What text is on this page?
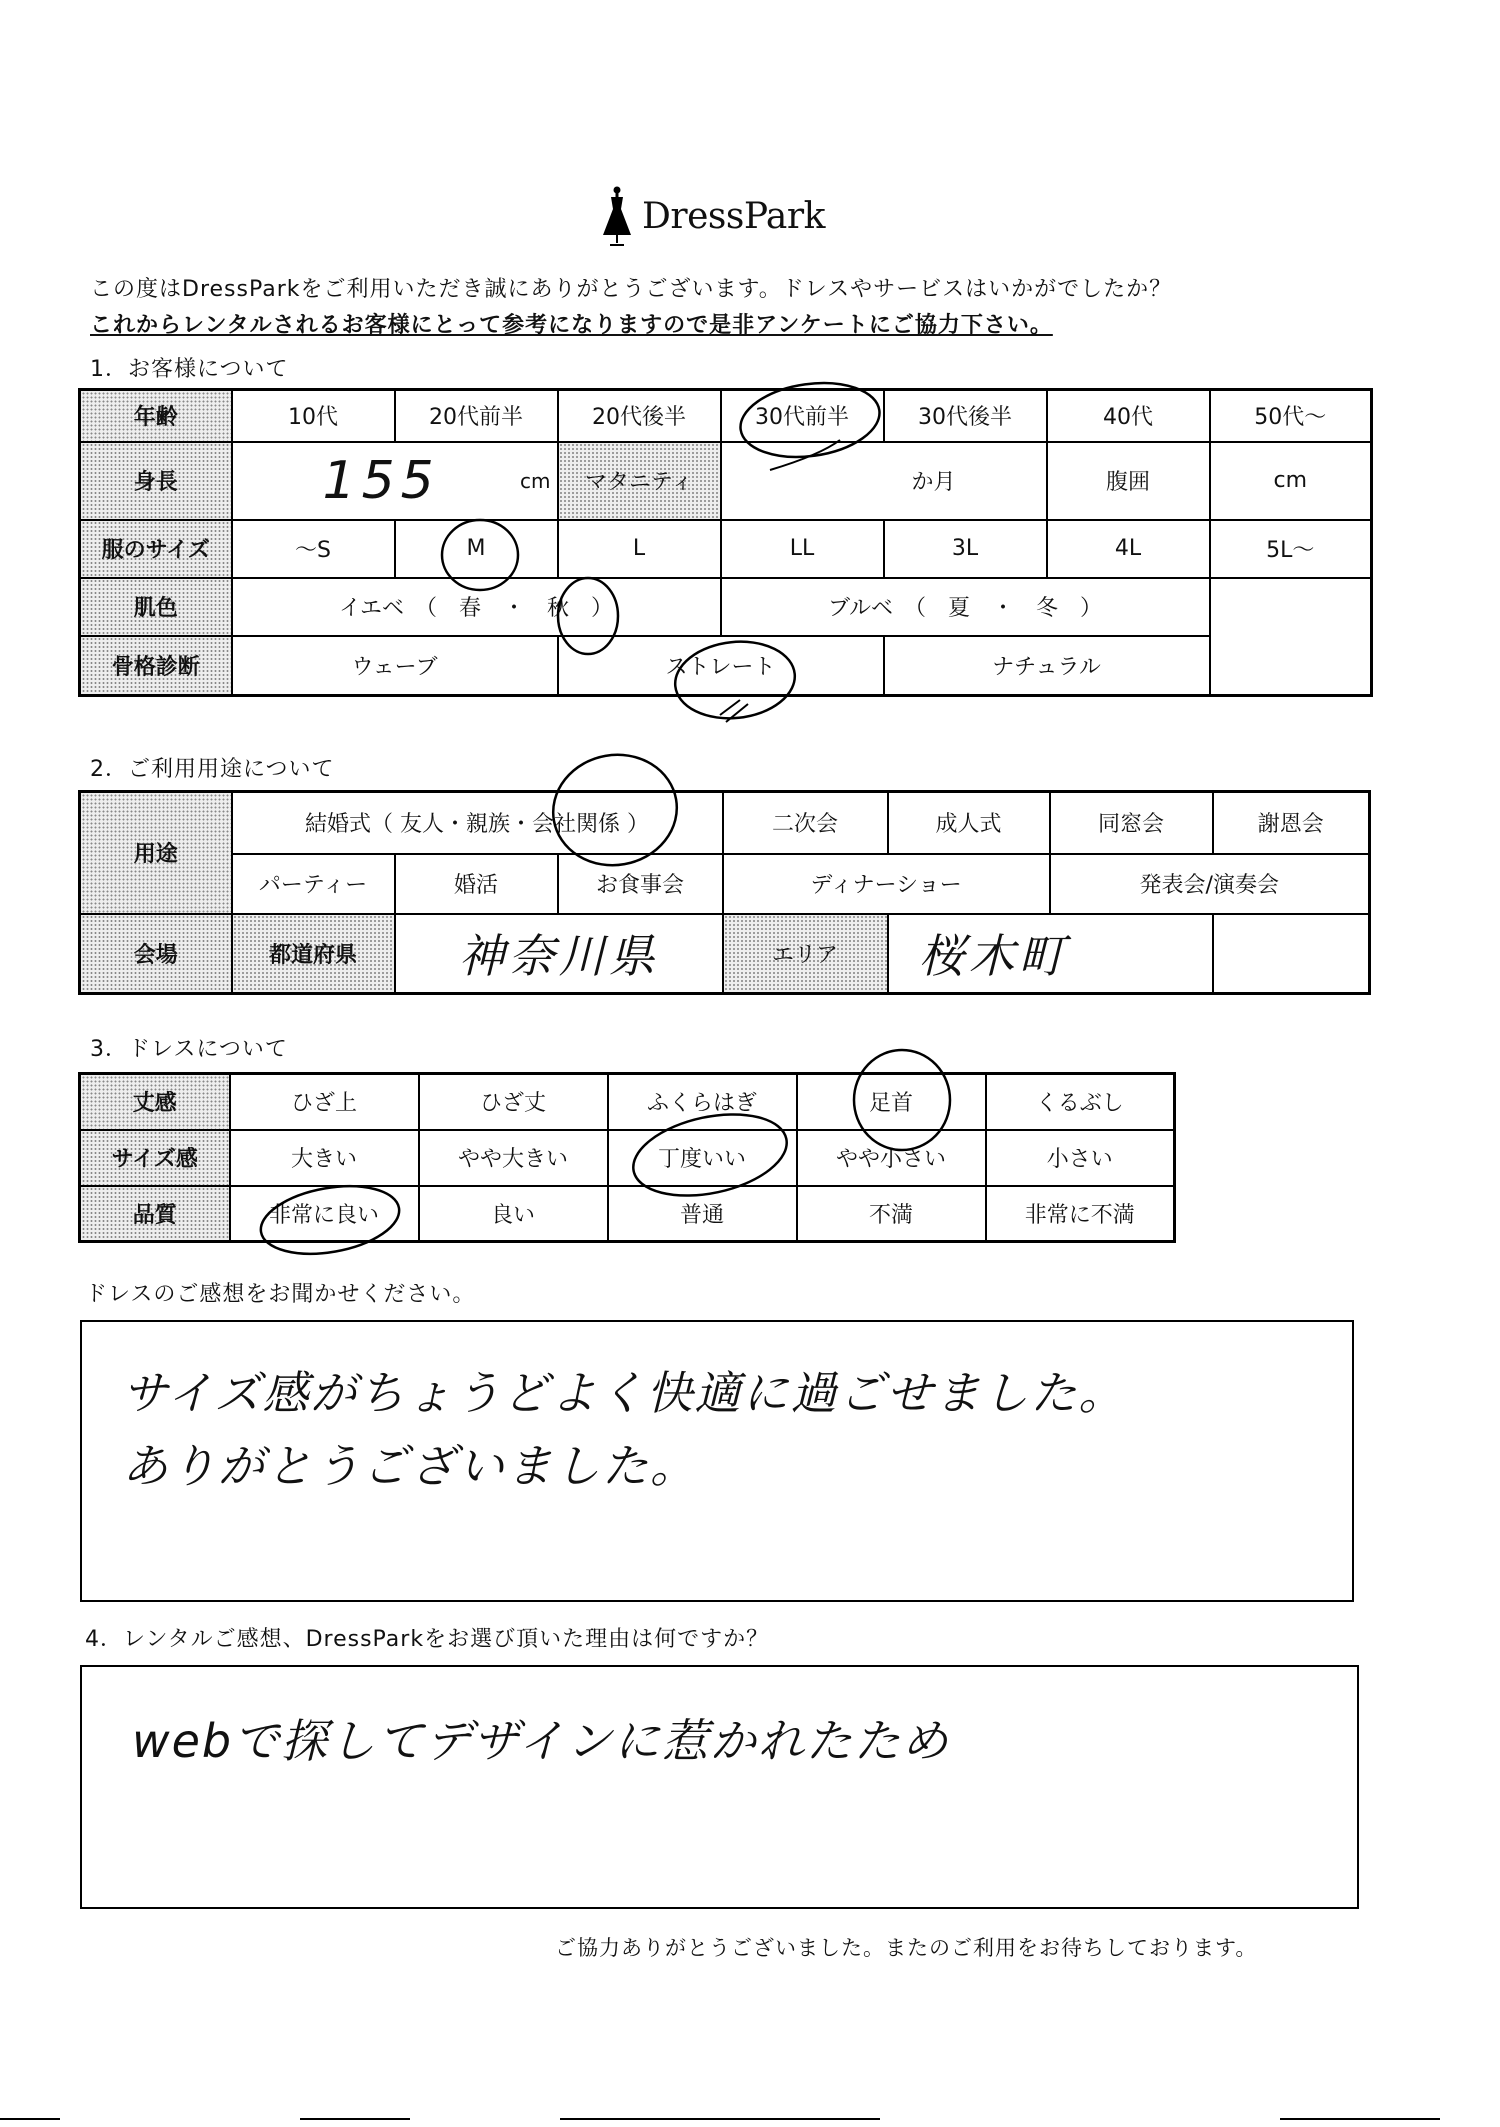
DressPark
この度はDressParkをご利用いただき誠にありがとうございます。ドレスやサービスはいかがでしたか？
これからレンタルされるお客様にとって参考になりますので是非アンケートにご協力下さい。
1．お客様について
年齢	10代	20代前半	20代後半	30代前半	30代後半	40代	50代～
身長	155 cm		マタニティ	か月		腹囲	cm
服のサイズ	～S	M	L	LL	3L	4L	5L～
肌色	イエベ　（　春　・　秋　）			ブルベ　（　夏　・　冬　）			
骨格診断	ウェーブ		ストレート		ナチュラル		
2．ご利用用途について
用途	結婚式（ 友人・親族・会社関係 ）			二次会	成人式	同窓会	謝恩会
	パーティー	婚活	お食事会	ディナーショー		発表会/演奏会	
会場	都道府県	神奈川県		エリア	桜木町		
3．ドレスについて
丈感	ひざ上	ひざ丈	ふくらはぎ	足首	くるぶし
サイズ感	大きい	やや大きい	丁度いい	やや小さい	小さい
品質	非常に良い	良い	普通	不満	非常に不満
ドレスのご感想をお聞かせください。
サイズ感がちょうどよく快適に過ごせました。
ありがとうございました。
4．レンタルご感想、DressParkをお選び頂いた理由は何ですか？
webで探してデザインに惹かれたため
ご協力ありがとうございました。またのご利用をお待ちしております。
